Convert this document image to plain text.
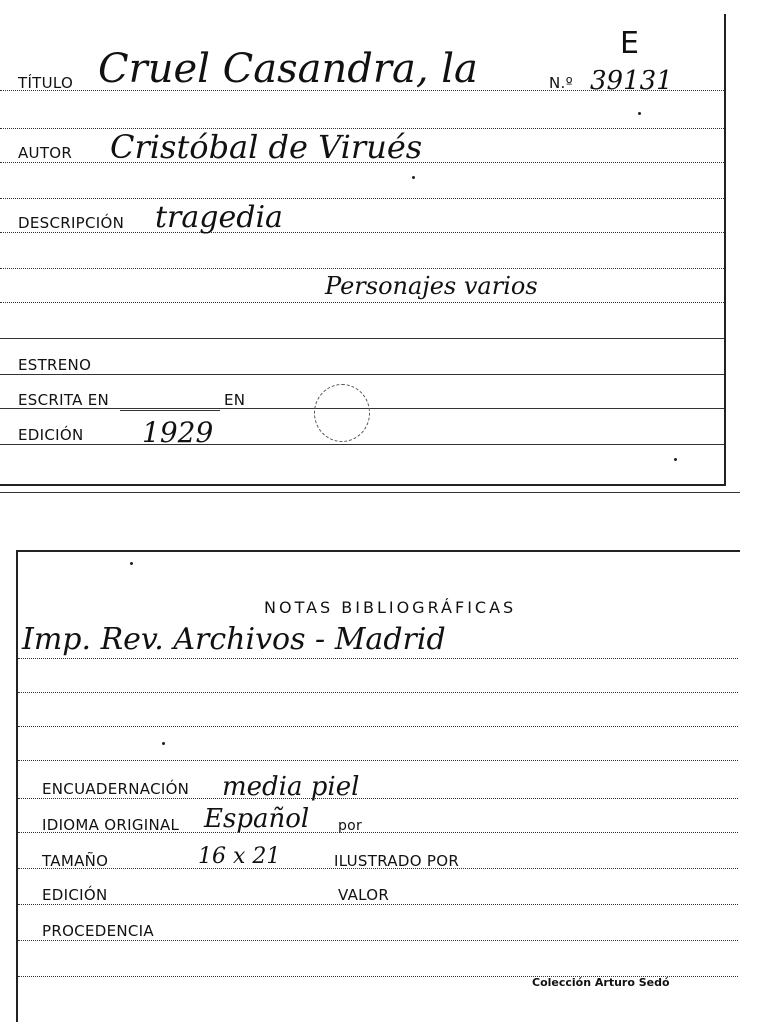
E
TÍTULO Cruel Casandra, la	N.º 39131
AUTOR Cristóbal de Virués
DESCRIPCIÓN tragedia
Personajes varios
ESTRENO
ESCRITA EN	EN
EDICIÓN 1929
NOTAS BIBLIOGRÁFICAS
Imp. Rev. Archivos - Madrid
ENCUADERNACIÓN media piel
IDIOMA ORIGINAL Español por
TAMAÑO	16 x 21	ILUSTRADO POR
EDICIÓN	VALOR
PROCEDENCIA
Colección Arturo Sedó
